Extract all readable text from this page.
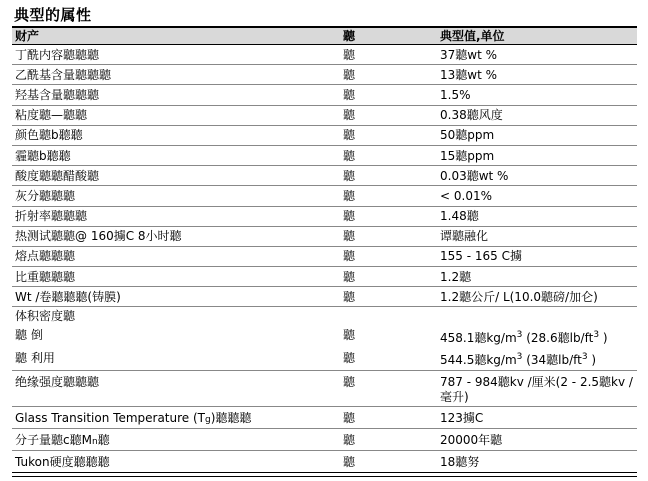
典型的属性
财产	聽	典型值,单位
丁酰内容聽聽聽	聽	37聽wt %
乙酰基含量聽聽聽	聽	13聽wt %
羟基含量聽聽聽	聽	1.5%
粘度聽—聽聽	聽	0.38聽风度
颜色聽b聽聽	聽	50聽ppm
霾聽b聽聽	聽	15聽ppm
酸度聽聽醋酸聽	聽	0.03聽wt %
灰分聽聽聽	聽	< 0.01%
折射率聽聽聽	聽	1.48聽
热测试聽聽@ 160擄C 8小时聽	聽	谭聽融化
熔点聽聽聽	聽	155 - 165 C擄
比重聽聽聽	聽	1.2聽
Wt /卷聽聽聽(铸膜)	聽	1.2聽公斤/ L(10.0聽磅/加仑)
体积密度聽
聽 倒	聽	458.1聽$kg/m^3$ (28.6聽$lb/ft^3$ )
聽 利用	聽	544.5聽$kg/m^3$ (34聽$lb/ft^3$ )
绝缘强度聽聽聽	聽	787 - 984聽kv /厘米(2 - 2.5聽kv /毫升)
Glass Transition Temperature (T g )聽聽聽	聽	123擄C
分子量聽c聽M n 聽	聽	20000年聽
Tukon硬度聽聽聽	聽	18聽努
